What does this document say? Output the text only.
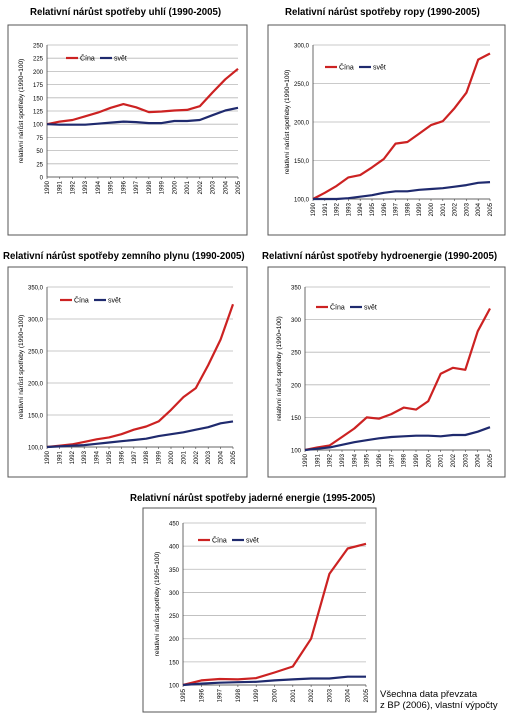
Relativní nárůst spotřeby uhlí (1990-2005)	Relativní nárůst spotřeby ropy (1990-2005)
Relativní nárůst spotřeby zemního plynu (1990-2005) Relativní nárůst spotřeby hydroenergie (1990-2005)
Relativní nárůst spotřeby jaderné energie (1995-2005)
0
25
50
75
100
125
150
175
200
225
250
1990 1991 1992 1993 1994 1995 1996 1997 1998 1999 2000 2001 2002 2003 2004 2005
relativní nárůst spotřeby (1990=100)	Čína	svět
100,0
150,0
200,0
250,0
300,0
1990 1991 1992 1993 1994 1995 1996 1997 1998 1999 2000 2001 2002 2003 2004 2005
relativní nárůst spotřeby (1990=100)
Čína	svět
100,0
150,0
200,0
250,0
300,0
350,0
1990 1991 1992 1993 1994 1995 1996 1997 1998 1999 2000 2001 2002 2003 2004 2005
relativní nárůst spotřeby (1990=100)
Čína	svět
100
150
200
250
300
350
1990 1991 1992 1993 1994 1995 1996 1997 1998 1999 2000 2001 2002 2003 2004 2005
relativní nárůst spotřeby (1990=100)
Čína	svět
100
150
200
250
300
350
400
450
1995 1996 1997 1998 1999 2000 2001 2002 2003 2004 2005
relativní nárůst spotřeby (1995=100)
Čína	svět
Všechna data převzata
z BP (2006), vlastní výpočty
